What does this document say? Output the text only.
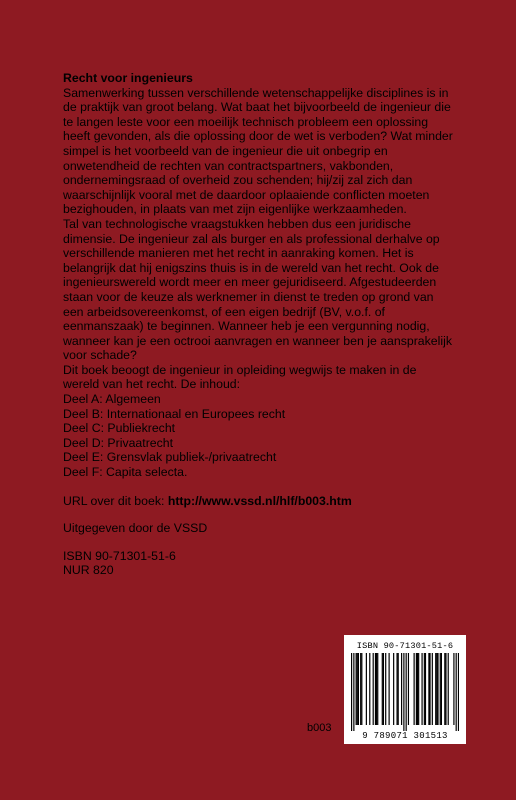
Recht voor ingenieurs

Samenwerking tussen verschillende wetenschappelijke disciplines is in de praktijk van groot belang. Wat baat het bijvoorbeeld de ingenieur die te langen leste voor een moeilijk technisch probleem een oplossing heeft gevonden, als die oplossing door de wet is verboden? Wat minder simpel is het voorbeeld van de ingenieur die uit onbegrip en onwetendheid de rechten van contractspartners, vakbonden, ondernemingsraad of overheid zou schenden; hij/zij zal zich dan waarschijnlijk vooral met de daardoor oplaaiende conflicten moeten bezighouden, in plaats van met zijn eigenlijke werkzaamheden.

Tal van technologische vraagstukken hebben dus een juridische dimensie. De ingenieur zal als burger en als professional derhalve op verschillende manieren met het recht in aanraking komen. Het is belangrijk dat hij enigszins thuis is in de wereld van het recht. Ook de ingenieurswereld wordt meer en meer gejuridiseerd. Afgestudeerden staan voor de keuze als werknemer in dienst te treden op grond van een arbeidsovereenkomst, of een eigen bedrijf (BV, v.o.f. of eenmanszaak) te beginnen. Wanneer heb je een vergunning nodig, wanneer kan je een octrooi aanvragen en wanneer ben je aansprakelijk voor schade?

Dit boek beoogt de ingenieur in opleiding wegwijs te maken in de wereld van het recht. De inhoud:

Deel A: Algemeen
Deel B: Internationaal en Europees recht
Deel C: Publiekrecht
Deel D: Privaatrecht
Deel E: Grensvlak publiek-/privaatrecht
Deel F: Capita selecta.
URL over dit boek: http://www.vssd.nl/hlf/b003.htm
Uitgegeven door de VSSD
ISBN 90-71301-51-6
NUR 820
b003
ISBN 90-71301-51-6
9 789071 301513
